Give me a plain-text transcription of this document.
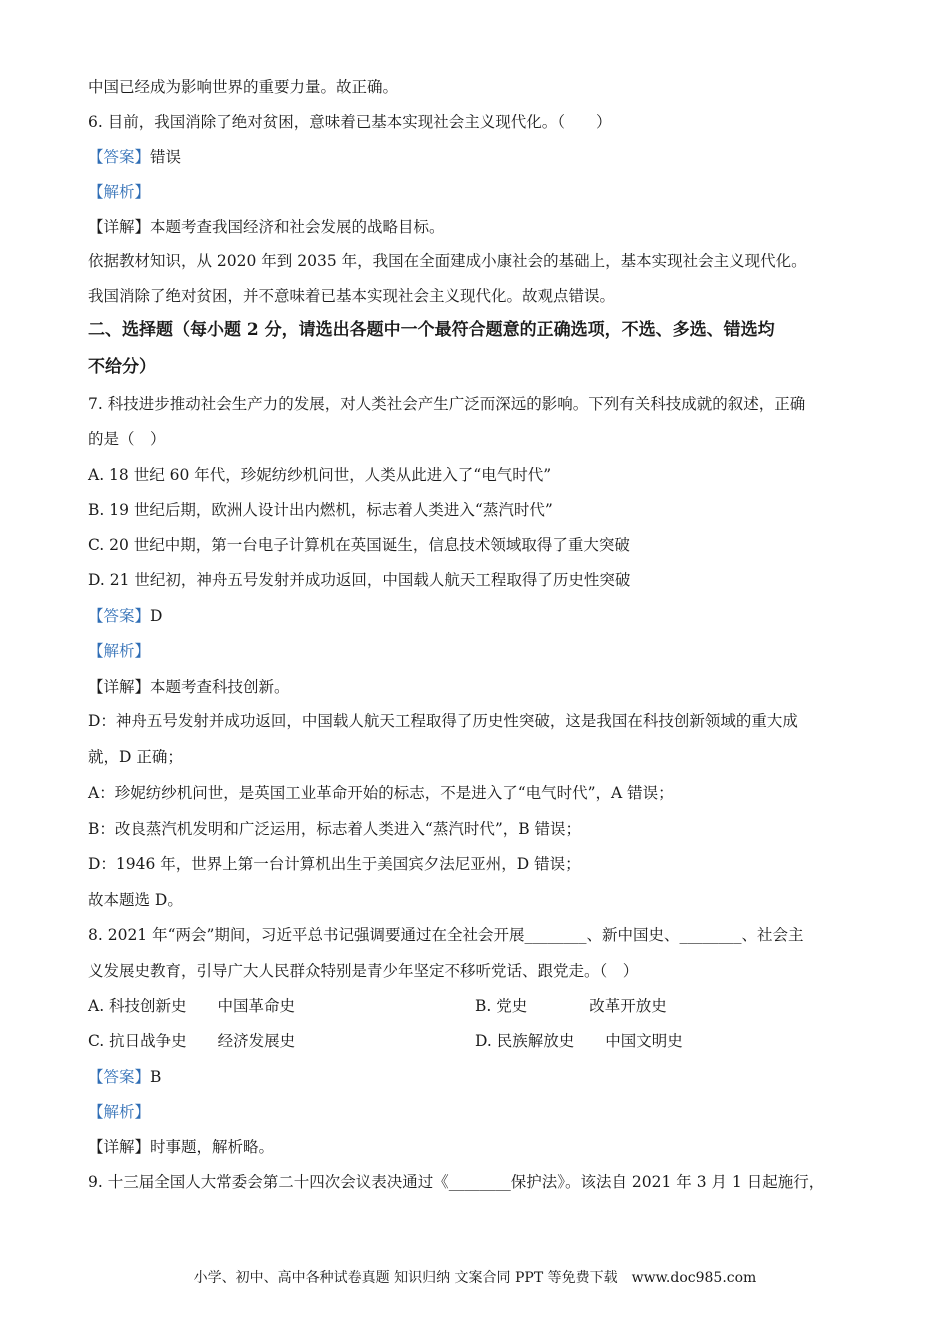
中国已经成为影响世界的重要力量。故正确。
6. 目前，我国消除了绝对贫困，意味着已基本实现社会主义现代化。（　　）
【答案】错误
【解析】
【详解】本题考查我国经济和社会发展的战略目标。
依据教材知识，从 2020 年到 2035 年，我国在全面建成小康社会的基础上，基本实现社会主义现代化。
我国消除了绝对贫困，并不意味着已基本实现社会主义现代化。故观点错误。
二、选择题（每小题 2 分，请选出各题中一个最符合题意的正确选项，不选、多选、错选均
不给分）
7. 科技进步推动社会生产力的发展，对人类社会产生广泛而深远的影响。下列有关科技成就的叙述，正确
的是（　）
A. 18 世纪 60 年代，珍妮纺纱机问世，人类从此进入了“电气时代”
B. 19 世纪后期，欧洲人设计出内燃机，标志着人类进入“蒸汽时代”
C. 20 世纪中期，第一台电子计算机在英国诞生，信息技术领域取得了重大突破
D. 21 世纪初，神舟五号发射并成功返回，中国载人航天工程取得了历史性突破
【答案】D
【解析】
【详解】本题考查科技创新。
D：神舟五号发射并成功返回，中国载人航天工程取得了历史性突破，这是我国在科技创新领域的重大成
就，D 正确；
A：珍妮纺纱机问世，是英国工业革命开始的标志，不是进入了“电气时代”，A 错误；
B：改良蒸汽机发明和广泛运用，标志着人类进入“蒸汽时代”，B 错误；
D：1946 年，世界上第一台计算机出生于美国宾夕法尼亚州，D 错误；
故本题选 D。
8. 2021 年“两会”期间，习近平总书记强调要通过在全社会开展________、新中国史、________、社会主
义发展史教育，引导广大人民群众特别是青少年坚定不移听党话、跟党走。（　）
A. 科技创新史　　中国革命史	B. 党史　　　　改革开放史
C. 抗日战争史　　经济发展史	D. 民族解放史　　中国文明史
【答案】B
【解析】
【详解】时事题，解析略。
9. 十三届全国人大常委会第二十四次会议表决通过《________保护法》。该法自 2021 年 3 月 1 日起施行，
小学、初中、高中各种试卷真题 知识归纳 文案合同 PPT 等免费下载　www.doc985.com
